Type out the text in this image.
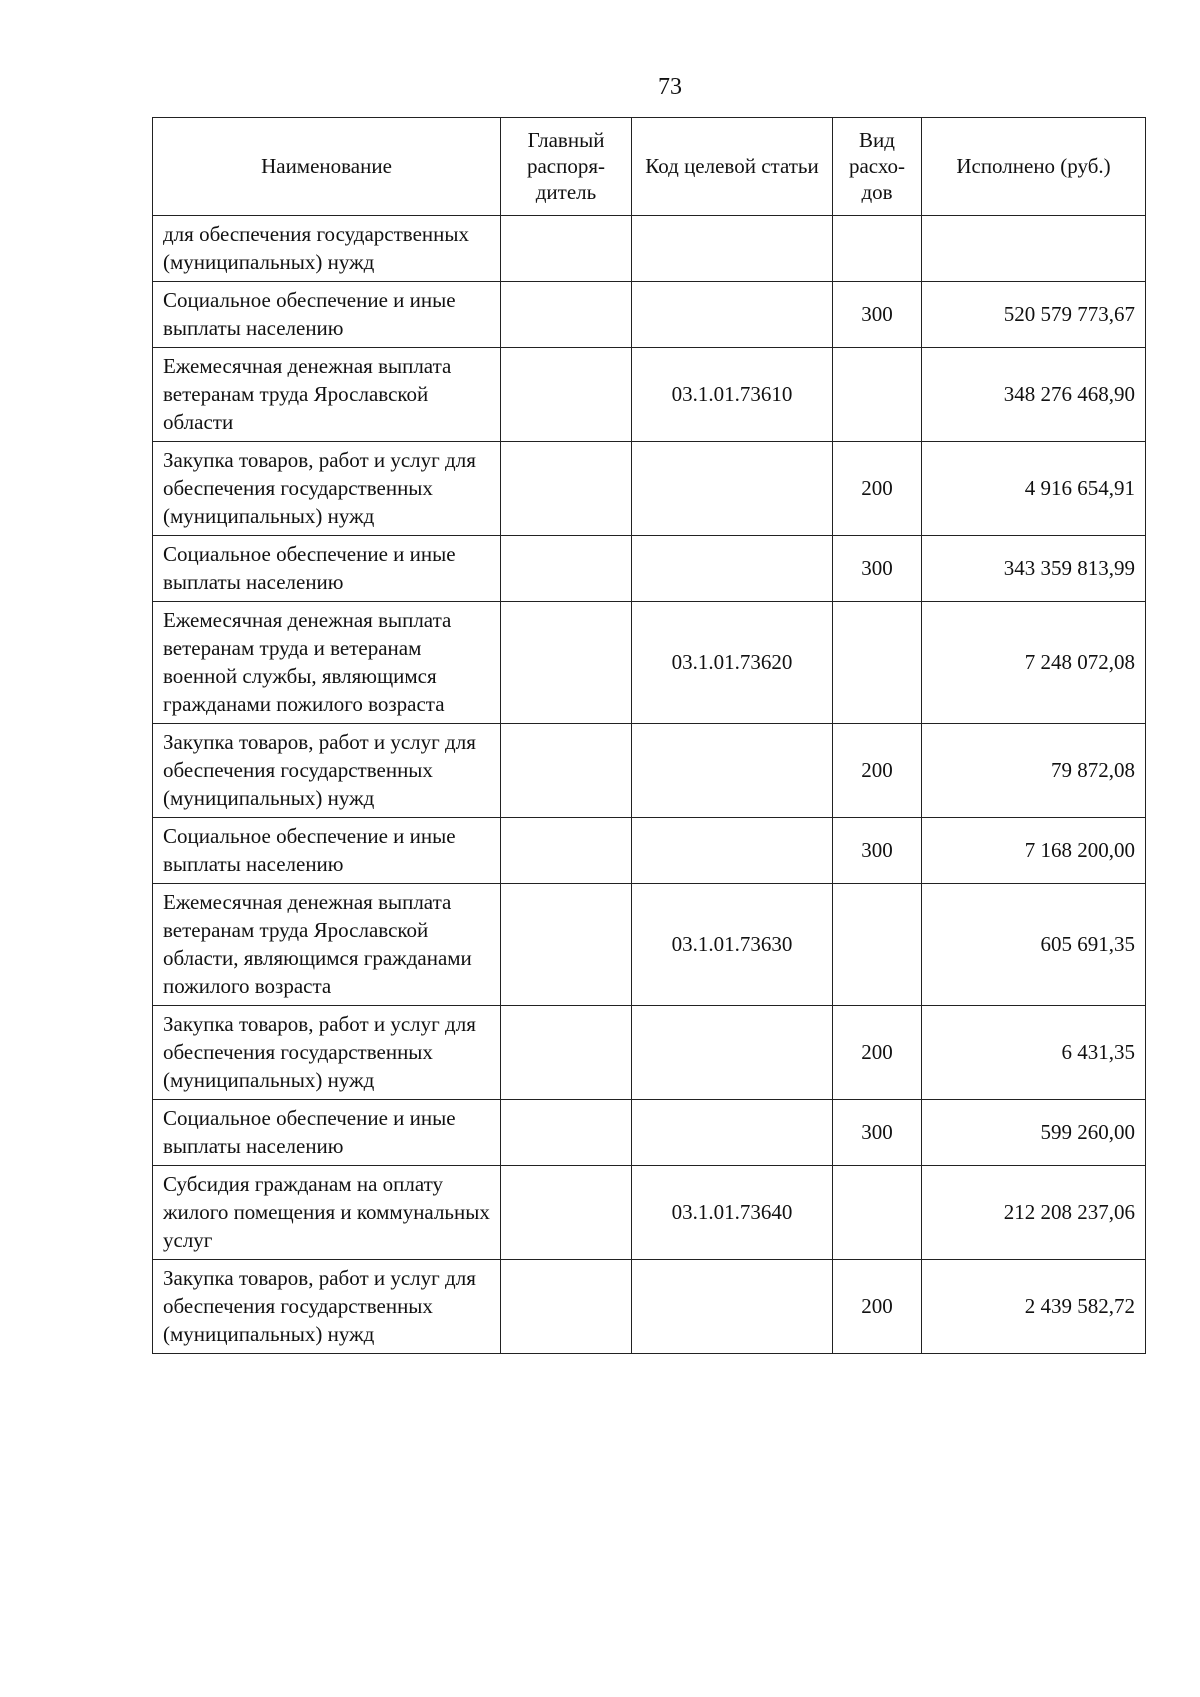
73
Наименование	Главный распоря-дитель	Код целевой статьи	Вид расхо-дов	Исполнено (руб.)
для обеспечения государственных (муниципальных) нужд				
Социальное обеспечение и иные выплаты населению			300	520 579 773,67
Ежемесячная денежная выплата ветеранам труда Ярославской области		03.1.01.73610		348 276 468,90
Закупка товаров, работ и услуг для обеспечения государственных (муниципальных) нужд			200	4 916 654,91
Социальное обеспечение и иные выплаты населению			300	343 359 813,99
Ежемесячная денежная выплата ветеранам труда и ветеранам военной службы, являющимся гражданами пожилого возраста		03.1.01.73620		7 248 072,08
Закупка товаров, работ и услуг для обеспечения государственных (муниципальных) нужд			200	79 872,08
Социальное обеспечение и иные выплаты населению			300	7 168 200,00
Ежемесячная денежная выплата ветеранам труда Ярославской области, являющимся гражданами пожилого возраста		03.1.01.73630		605 691,35
Закупка товаров, работ и услуг для обеспечения государственных (муниципальных) нужд			200	6 431,35
Социальное обеспечение и иные выплаты населению			300	599 260,00
Субсидия гражданам на оплату жилого помещения и коммунальных услуг		03.1.01.73640		212 208 237,06
Закупка товаров, работ и услуг для обеспечения государственных (муниципальных) нужд			200	2 439 582,72
